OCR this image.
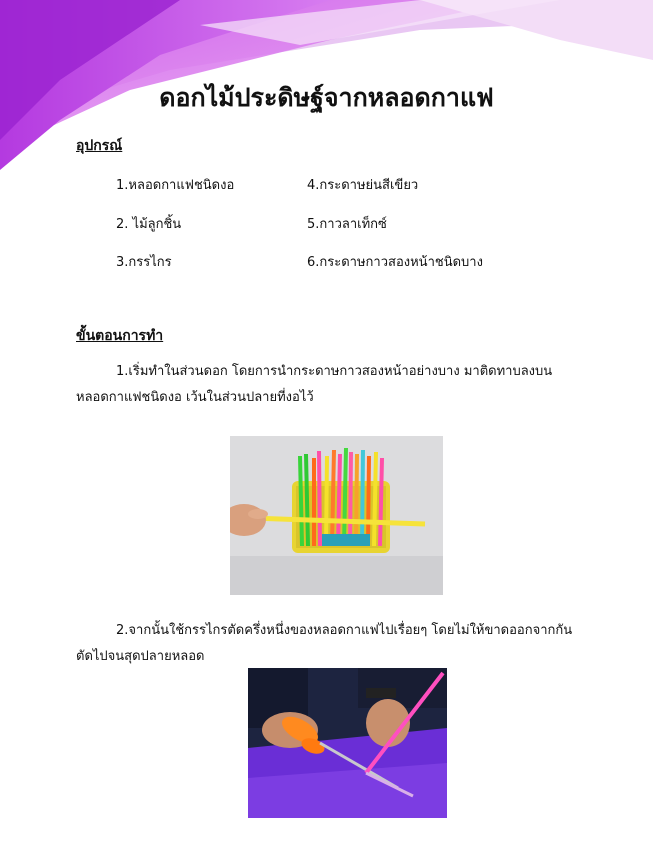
ดอกไม้ประดิษฐ์จากหลอดกาแฟ
อุปกรณ์
1.หลอดกาแฟชนิดงอ
2. ไม้ลูกชิ้น
3.กรรไกร
4.กระดาษย่นสีเขียว
5.กาวลาเท็กซ์
6.กระดาษกาวสองหน้าชนิดบาง
ขั้นตอนการทำ
1.เริ่มทำในส่วนดอก โดยการนำกระดาษกาวสองหน้าอย่างบาง มาติดทาบลงบน
หลอดกาแฟชนิดงอ เว้นในส่วนปลายที่งอไว้
2.จากนั้นใช้กรรไกรตัดครึ่งหนึ่งของหลอดกาแฟไปเรื่อยๆ โดยไม่ให้ขาดออกจากกัน
ตัดไปจนสุดปลายหลอด
